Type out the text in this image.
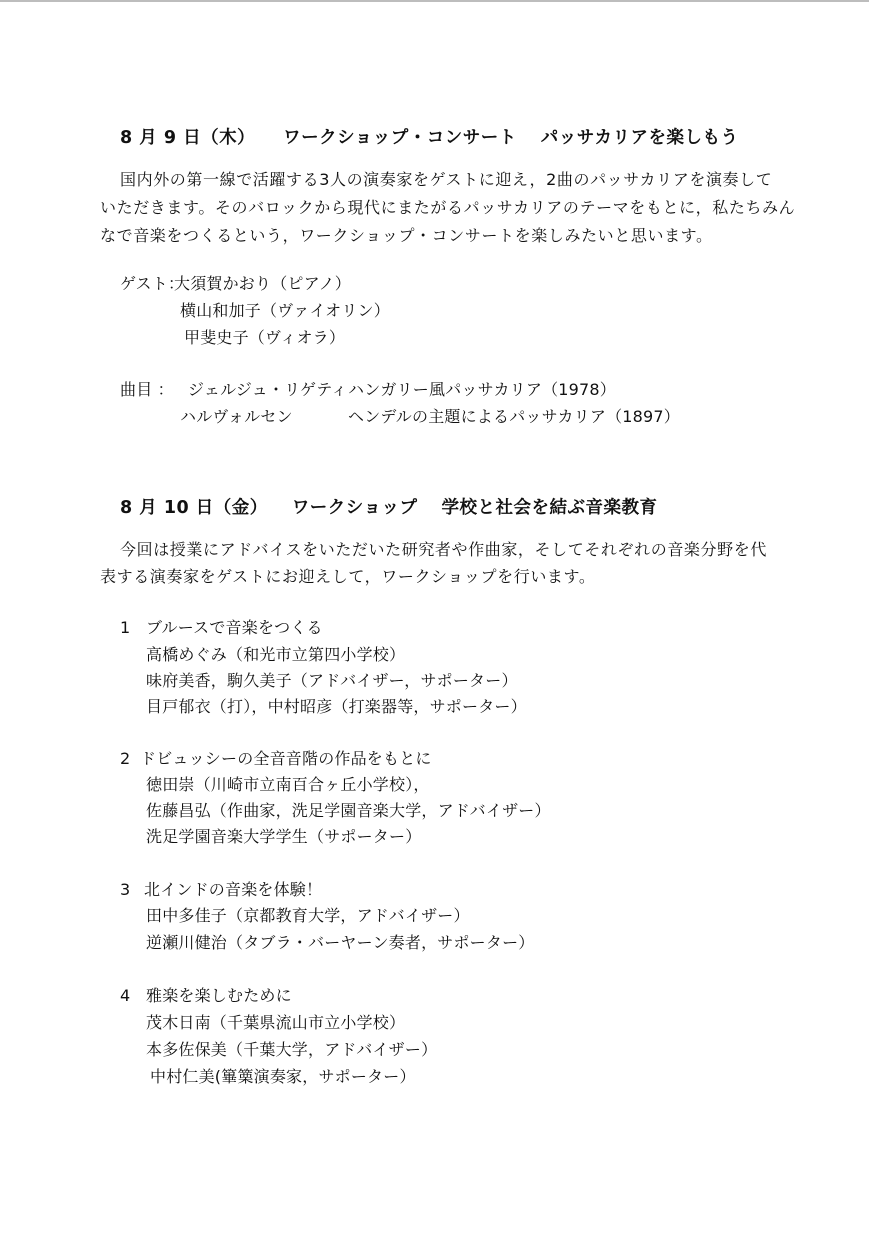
8 月 9 日（木） ワークショップ・コンサート パッサカリアを楽しもう
国内外の第一線で活躍する3人の演奏家をゲストに迎え，2曲のパッサカリアを演奏して
いただきます。そのバロックから現代にまたがるパッサカリアのテーマをもとに，私たちみん
なで音楽をつくるという，ワークショップ・コンサートを楽しみたいと思います。
ゲスト：
大須賀かおり（ピアノ）
横山和加子（ヴァイオリン）
甲斐史子（ヴィオラ）
曲目 ： ジェルジュ・リゲティ ハンガリー風パッサカリア（1978）
ハルヴォルセン	ヘンデルの主題によるパッサカリア（1897）
8 月 10 日（金） ワークショップ 学校と社会を結ぶ音楽教育
今回は授業にアドバイスをいただいた研究者や作曲家，そしてそれぞれの音楽分野を代
表する演奏家をゲストにお迎えして，ワークショップを行います。
1 ブルースで音楽をつくる
高橋めぐみ（和光市立第四小学校）
味府美香，駒久美子（アドバイザー，サポーター）
目戸郁衣（打），中村昭彦（打楽器等，サポーター）
2 ドビュッシーの全音音階の作品をもとに
徳田崇（川崎市立南百合ヶ丘小学校），
佐藤昌弘（作曲家，洗足学園音楽大学，アドバイザー）
洗足学園音楽大学学生（サポーター）
3 北インドの音楽を体験！
田中多佳子（京都教育大学，アドバイザー）
逆瀬川健治（タブラ・バーヤーン奏者，サポーター）
4 雅楽を楽しむために
茂木日南（千葉県流山市立小学校）
本多佐保美（千葉大学，アドバイザー）
中村仁美(篳篥演奏家，サポーター）
